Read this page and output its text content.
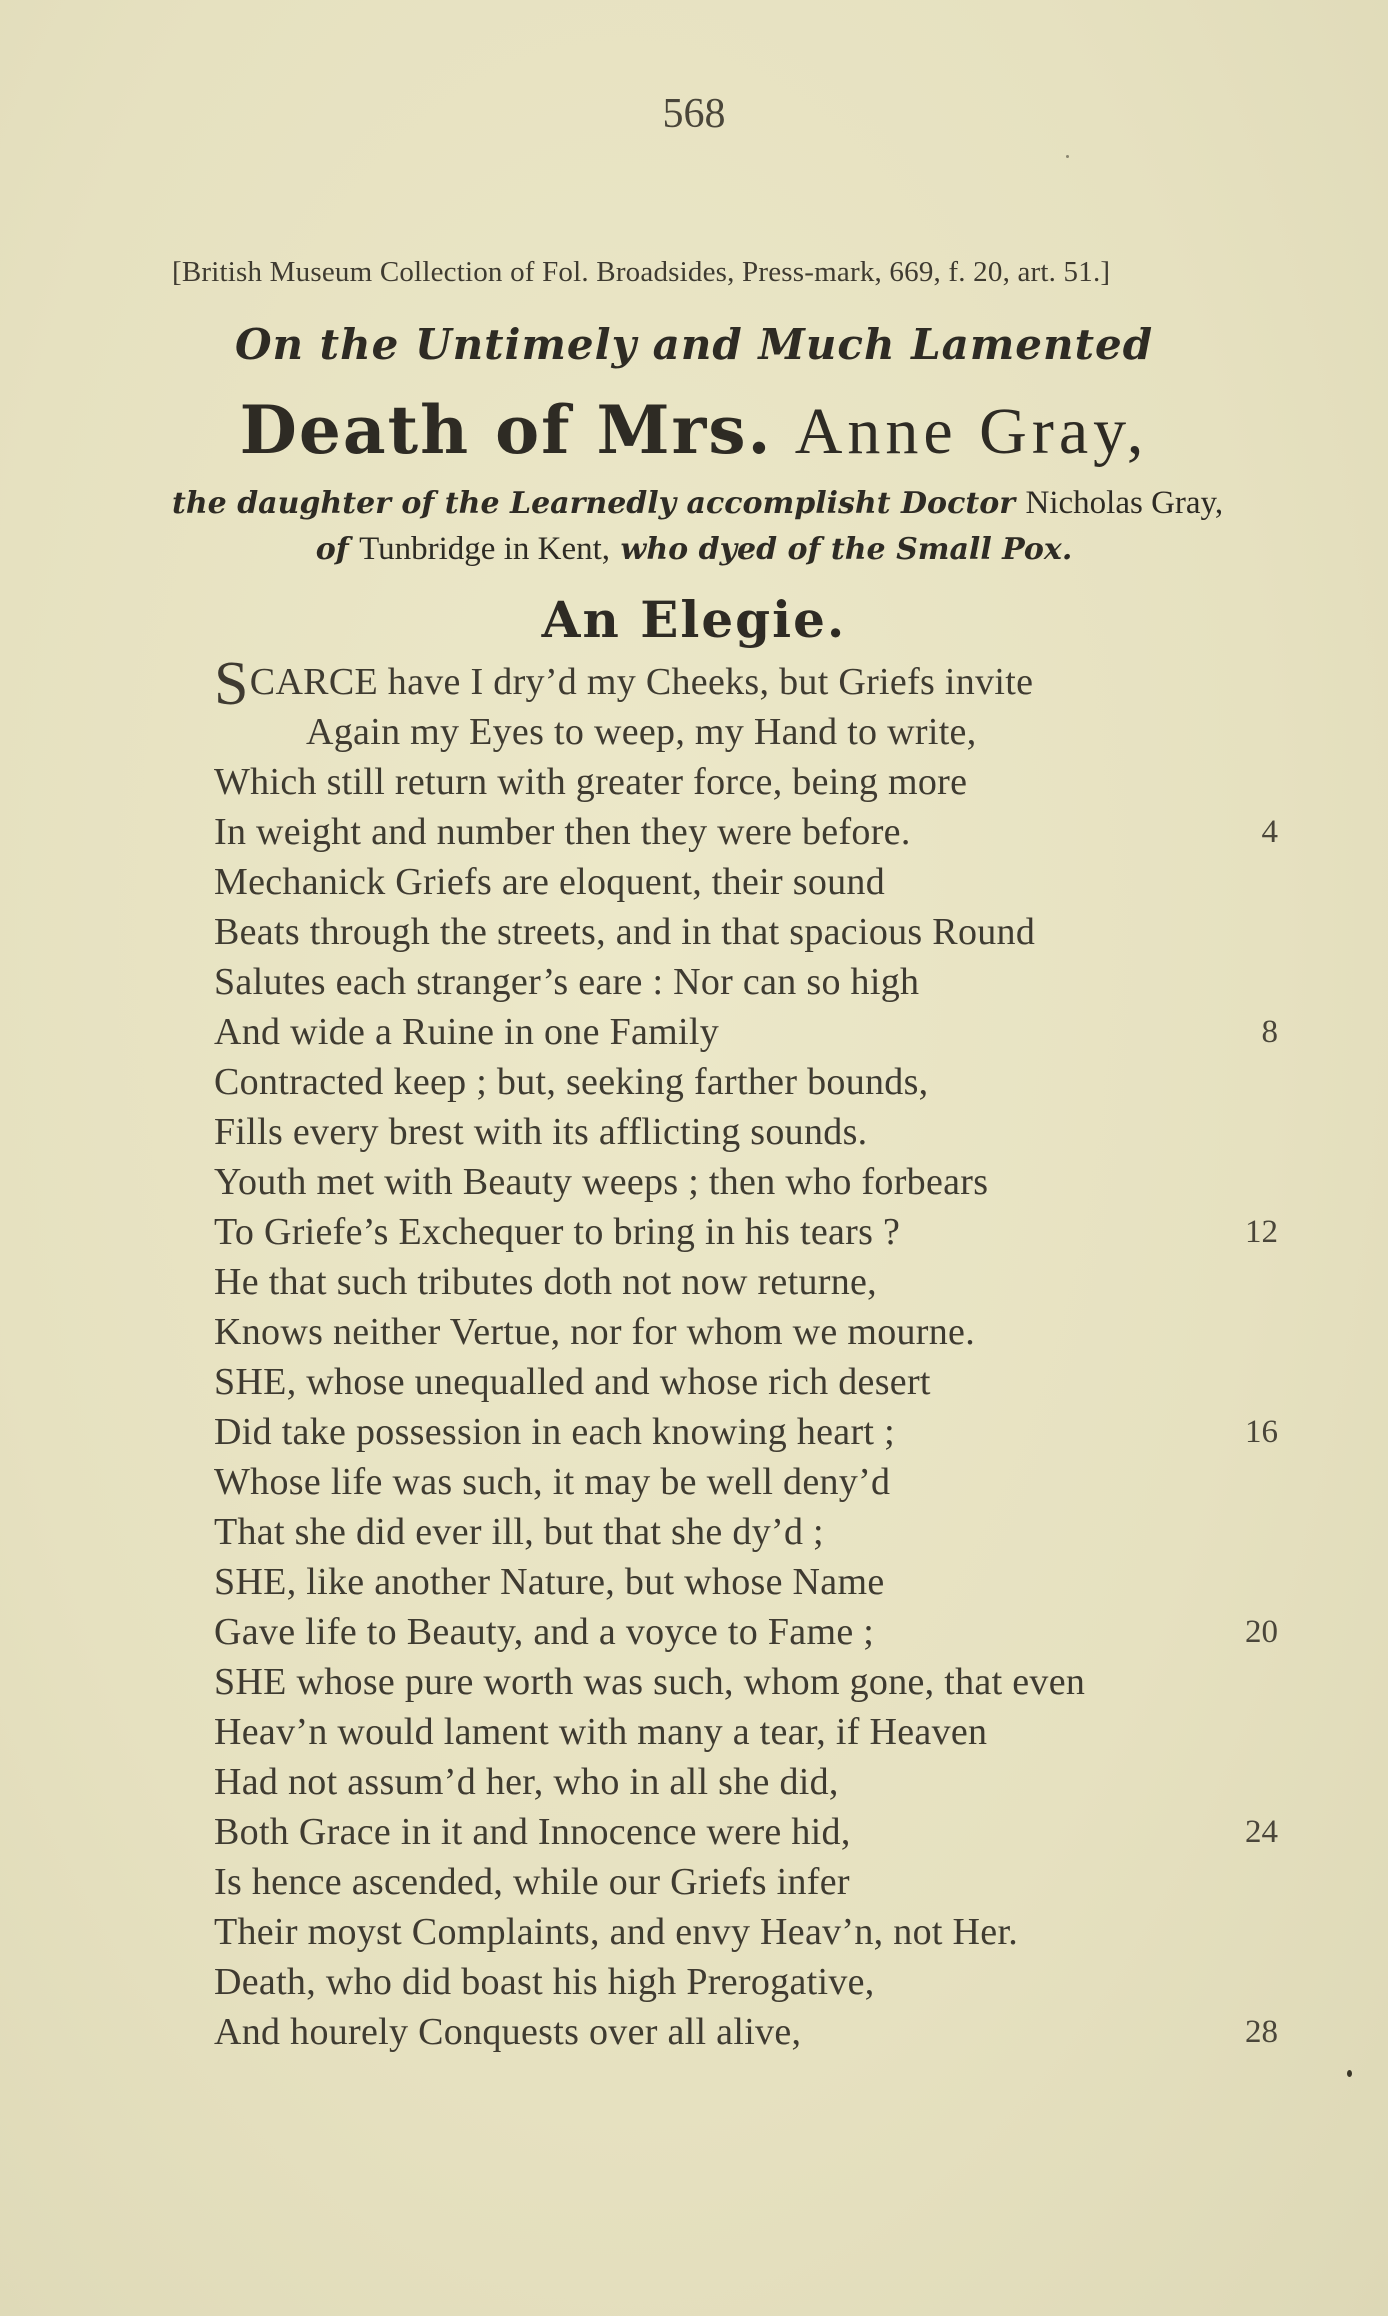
568
[British Museum Collection of Fol. Broadsides, Press-mark, 669, f. 20, art. 51.]
On the Untimely and Much Lamented
Death of Mrs. Anne Gray,
the daughter of the Learnedly accomplisht Doctor Nicholas Gray,
of Tunbridge in Kent, who dyed of the Small Pox.
An Elegie.
SCARCE have I dry’d my Cheeks, but Griefs invite
Again my Eyes to weep, my Hand to write,
Which still return with greater force, being more
In weight and number then they were before.	4
Mechanick Griefs are eloquent, their sound
Beats through the streets, and in that spacious Round
Salutes each stranger’s eare : Nor can so high
And wide a Ruine in one Family	8
Contracted keep ; but, seeking farther bounds,
Fills every brest with its afflicting sounds.
Youth met with Beauty weeps ; then who forbears
To Griefe’s Exchequer to bring in his tears ?	12
He that such tributes doth not now returne,
Knows neither Vertue, nor for whom we mourne.
SHE, whose unequalled and whose rich desert
Did take possession in each knowing heart ;	16
Whose life was such, it may be well deny’d
That she did ever ill, but that she dy’d ;
SHE, like another Nature, but whose Name
Gave life to Beauty, and a voyce to Fame ;	20
SHE whose pure worth was such, whom gone, that even
Heav’n would lament with many a tear, if Heaven
Had not assum’d her, who in all she did,
Both Grace in it and Innocence were hid,	24
Is hence ascended, while our Griefs infer
Their moyst Complaints, and envy Heav’n, not Her.
Death, who did boast his high Prerogative,
And hourely Conquests over all alive,	28
